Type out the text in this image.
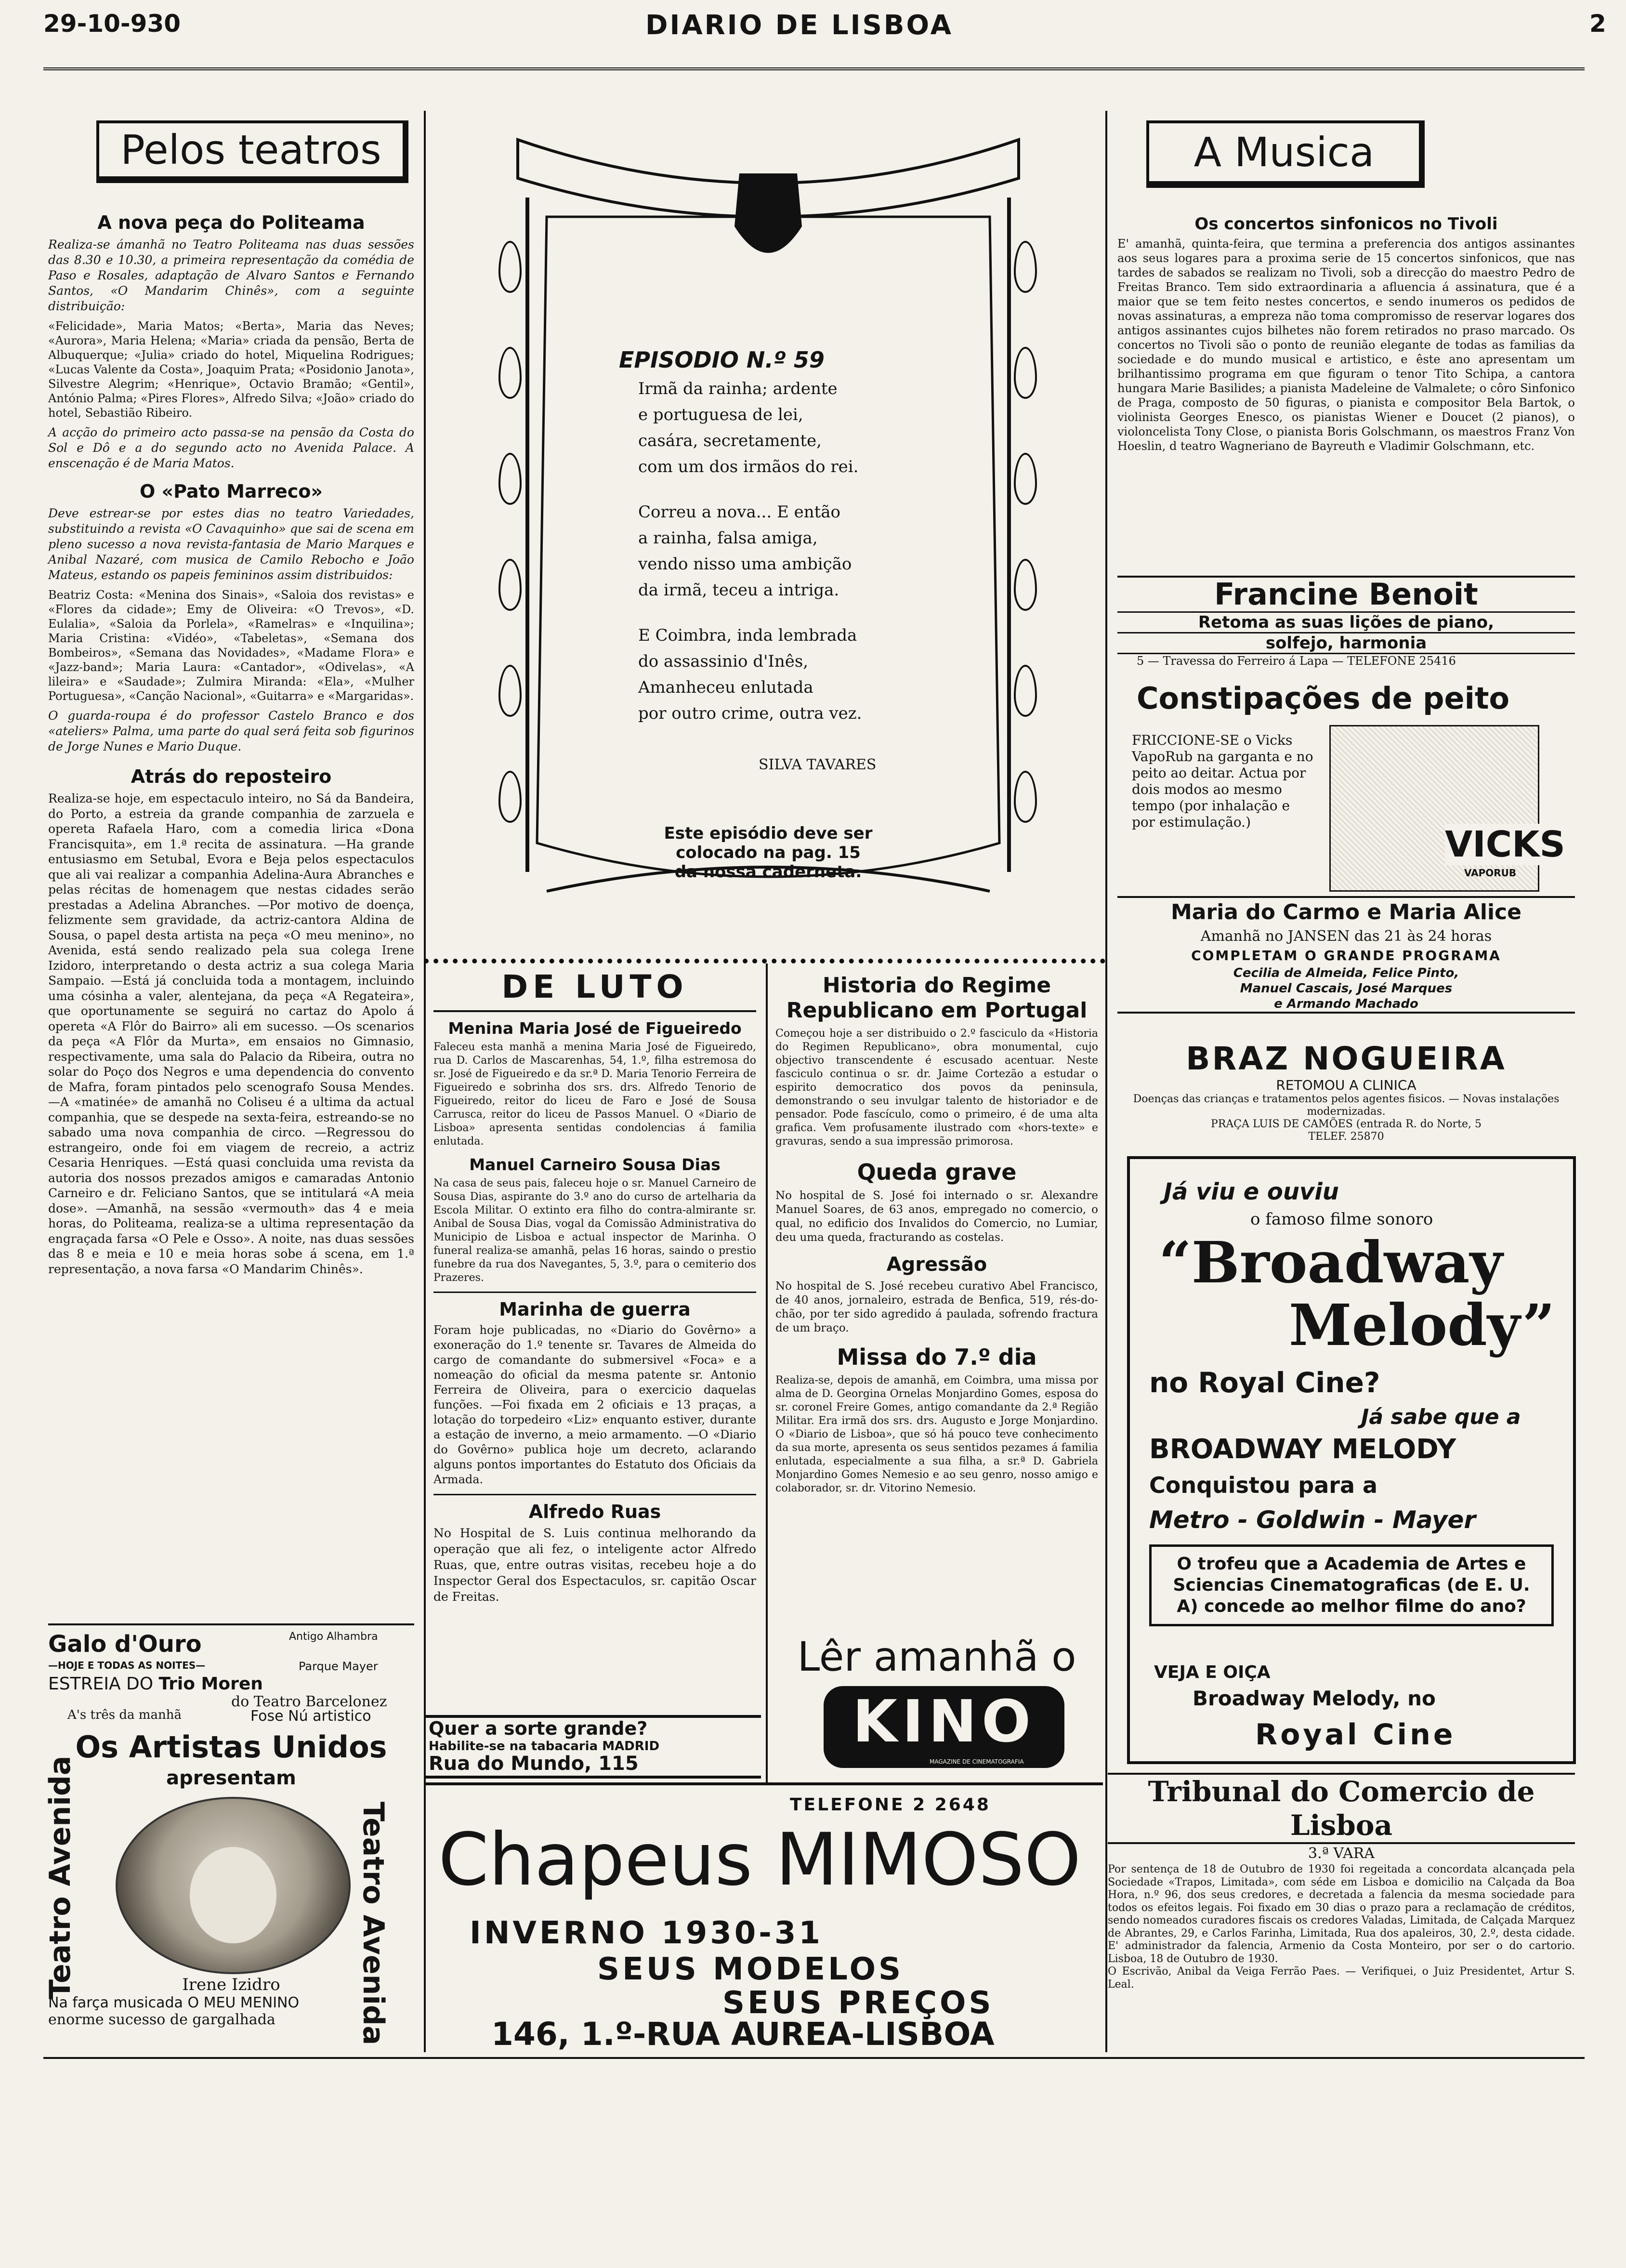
29-10-930	DIARIO DE LISBOA	2
Pelos teatros

A nova peça do Politeama

Realiza-se ámanhã no Teatro Politeama nas duas sessões das 8.30 e 10.30, a primeira representação da comédia de Paso e Rosales, adaptação de Alvaro Santos e Fernando Santos, «O Mandarim Chinês», com a seguinte distribuição:

«Felicidade», Maria Matos; «Berta», Maria das Neves; «Aurora», Maria Helena; «Maria» criada da pensão, Berta de Albuquerque; «Julia» criado do hotel, Miquelina Rodrigues; «Lucas Valente da Costa», Joaquim Prata; «Posidonio Janota», Silvestre Alegrim; «Henrique», Octavio Bramão; «Gentil», António Palma; «Pires Flores», Alfredo Silva; «João» criado do hotel, Sebastião Ribeiro.

A acção do primeiro acto passa-se na pensão da Costa do Sol e Dô e a do segundo acto no Avenida Palace. A enscenação é de Maria Matos.

O «Pato Marreco»

Deve estrear-se por estes dias no teatro Variedades, substituindo a revista «O Cavaquinho» que sai de scena em pleno sucesso a nova revista-fantasia de Mario Marques e Anibal Nazaré, com musica de Camilo Rebocho e João Mateus, estando os papeis femininos assim distribuidos:

Beatriz Costa: «Menina dos Sinais», «Saloia dos revistas» e «Flores da cidade»; Emy de Oliveira: «O Trevos», «D. Eulalia», «Saloia da Porlela», «Ramelras» e «Inquilina»; Maria Cristina: «Vidéo», «Tabeletas», «Semana dos Bombeiros», «Semana das Novidades», «Madame Flora» e «Jazz-band»; Maria Laura: «Cantador», «Odivelas», «A lileira» e «Saudade»; Zulmira Miranda: «Ela», «Mulher Portuguesa», «Canção Nacional», «Guitarra» e «Margaridas».

O guarda-roupa é do professor Castelo Branco e dos «ateliers» Palma, uma parte do qual será feita sob figurinos de Jorge Nunes e Mario Duque.

Atrás do reposteiro

Realiza-se hoje, em espectaculo inteiro, no Sá da Bandeira, do Porto, a estreia da grande companhia de zarzuela e opereta Rafaela Haro, com a comedia lirica «Dona Francisquita», em 1.ª recita de assinatura. —Ha grande entusiasmo em Setubal, Evora e Beja pelos espectaculos que ali vai realizar a companhia Adelina-Aura Abranches e pelas récitas de homenagem que nestas cidades serão prestadas a Adelina Abranches. —Por motivo de doença, felizmente sem gravidade, da actriz-cantora Aldina de Sousa, o papel desta artista na peça «O meu menino», no Avenida, está sendo realizado pela sua colega Irene Izidoro, interpretando o desta actriz a sua colega Maria Sampaio. —Está já concluida toda a montagem, incluindo uma cósinha a valer, alentejana, da peça «A Regateira», que oportunamente se seguirá no cartaz do Apolo á opereta «A Flôr do Bairro» ali em sucesso. —Os scenarios da peça «A Flôr da Murta», em ensaios no Gimnasio, respectivamente, uma sala do Palacio da Ribeira, outra no solar do Poço dos Negros e uma dependencia do convento de Mafra, foram pintados pelo scenografo Sousa Mendes. —A «matinée» de amanhã no Coliseu é a ultima da actual companhia, que se despede na sexta-feira, estreando-se no sabado uma nova companhia de circo. —Regressou do estrangeiro, onde foi em viagem de recreio, a actriz Cesaria Henriques. —Está quasi concluida uma revista da autoria dos nossos prezados amigos e camaradas Antonio Carneiro e dr. Feliciano Santos, que se intitulará «A meia dose». —Amanhã, na sessão «vermouth» das 4 e meia horas, do Politeama, realiza-se a ultima representação da engraçada farsa «O Pele e Osso». A noite, nas duas sessões das 8 e meia e 10 e meia horas sobe á scena, em 1.ª representação, a nova farsa «O Mandarim Chinês».

Galo d'Ouro	Antigo Alhambra
—HOJE E TODAS AS NOITES—	Parque Mayer
ESTREIA DO Trio Moren
do Teatro Barcelonez
A's três da manhã	Fose Nú artistico
Os Artistas Unidos
apresentam
Teatro Avenida	Teatro Avenida
Irene Izidro
Na farça musicada O MEU MENINO
enorme sucesso de gargalhada
EPISODIO N.º 59
Irmã da rainha; ardente
e portuguesa de lei,
casára, secretamente,
com um dos irmãos do rei.
Correu a nova... E então
a rainha, falsa amiga,
vendo nisso uma ambição
da irmã, teceu a intriga.
E Coimbra, inda lembrada
do assassinio d'Inês,
Amanheceu enlutada
por outro crime, outra vez.
SILVA TAVARES
Este episódio deve ser
colocado na pag. 15
da nossa caderneta.
DE LUTO

Menina Maria José de Figueiredo

Faleceu esta manhã a menina Maria José de Figueiredo, rua D. Carlos de Mascarenhas, 54, 1.º, filha estremosa do sr. José de Figueiredo e da sr.ª D. Maria Tenorio Ferreira de Figueiredo e sobrinha dos srs. drs. Alfredo Tenorio de Figueiredo, reitor do liceu de Faro e José de Sousa Carrusca, reitor do liceu de Passos Manuel. O «Diario de Lisboa» apresenta sentidas condolencias á familia enlutada.

Manuel Carneiro Sousa Dias

Na casa de seus pais, faleceu hoje o sr. Manuel Carneiro de Sousa Dias, aspirante do 3.º ano do curso de artelharia da Escola Militar. O extinto era filho do contra-almirante sr. Anibal de Sousa Dias, vogal da Comissão Administrativa do Municipio de Lisboa e actual inspector de Marinha. O funeral realiza-se amanhã, pelas 16 horas, saindo o prestio funebre da rua dos Navegantes, 5, 3.º, para o cemiterio dos Prazeres.

Marinha de guerra

Foram hoje publicadas, no «Diario do Govêrno» a exoneração do 1.º tenente sr. Tavares de Almeida do cargo de comandante do submersivel «Foca» e a nomeação do oficial da mesma patente sr. Antonio Ferreira de Oliveira, para o exercicio daquelas funções. —Foi fixada em 2 oficiais e 13 praças, a lotação do torpedeiro «Liz» enquanto estiver, durante a estação de inverno, a meio armamento. —O «Diario do Govêrno» publica hoje um decreto, aclarando alguns pontos importantes do Estatuto dos Oficiais da Armada.

Alfredo Ruas

No Hospital de S. Luis continua melhorando da operação que ali fez, o inteligente actor Alfredo Ruas, que, entre outras visitas, recebeu hoje a do Inspector Geral dos Espectaculos, sr. capitão Oscar de Freitas.

Quer a sorte grande?
Habilite-se na tabacaria MADRID
Rua do Mundo, 115

Historia do Regime Republicano em Portugal

Começou hoje a ser distribuido o 2.º fasciculo da «Historia do Regimen Republicano», obra monumental, cujo objectivo transcendente é escusado acentuar. Neste fasciculo continua o sr. dr. Jaime Cortezão a estudar o espirito democratico dos povos da peninsula, demonstrando o seu invulgar talento de historiador e de pensador. Pode fascículo, como o primeiro, é de uma alta grafica. Vem profusamente ilustrado com «hors-texte» e gravuras, sendo a sua impressão primorosa.

Queda grave

No hospital de S. José foi internado o sr. Alexandre Manuel Soares, de 63 anos, empregado no comercio, o qual, no edificio dos Invalidos do Comercio, no Lumiar, deu uma queda, fracturando as costelas.

Agressão

No hospital de S. José recebeu curativo Abel Francisco, de 40 anos, jornaleiro, estrada de Benfica, 519, rés-do-chão, por ter sido agredido á paulada, sofrendo fractura de um braço.

Missa do 7.º dia

Realiza-se, depois de amanhã, em Coimbra, uma missa por alma de D. Georgina Ornelas Monjardino Gomes, esposa do sr. coronel Freire Gomes, antigo comandante da 2.ª Região Militar. Era irmã dos srs. drs. Augusto e Jorge Monjardino. O «Diario de Lisboa», que só há pouco teve conhecimento da sua morte, apresenta os seus sentidos pezames á familia enlutada, especialmente a sua filha, a sr.ª D. Gabriela Monjardino Gomes Nemesio e ao seu genro, nosso amigo e colaborador, sr. dr. Vitorino Nemesio.

Lêr amanhã o
KINO
MAGAZINE DE CINEMATOGRAFIA
TELEFONE 2 2648
Chapeus MIMOSO
INVERNO 1930-31
SEUS MODELOS
SEUS PREÇOS
146, 1.º-RUA AUREA-LISBOA
A Musica

Os concertos sinfonicos no Tivoli

E' amanhã, quinta-feira, que termina a preferencia dos antigos assinantes aos seus logares para a proxima serie de 15 concertos sinfonicos, que nas tardes de sabados se realizam no Tivoli, sob a direcção do maestro Pedro de Freitas Branco. Tem sido extraordinaria a afluencia á assinatura, que é a maior que se tem feito nestes concertos, e sendo inumeros os pedidos de novas assinaturas, a empreza não toma compromisso de reservar logares dos antigos assinantes cujos bilhetes não forem retirados no praso marcado. Os concertos no Tivoli são o ponto de reunião elegante de todas as familias da sociedade e do mundo musical e artistico, e êste ano apresentam um brilhantissimo programa em que figuram o tenor Tito Schipa, a cantora hungara Marie Basilides; a pianista Madeleine de Valmalete; o côro Sinfonico de Praga, composto de 50 figuras, o pianista e compositor Bela Bartok, o violinista Georges Enesco, os pianistas Wiener e Doucet (2 pianos), o violoncelista Tony Close, o pianista Boris Golschmann, os maestros Franz Von Hoeslin, d teatro Wagneriano de Bayreuth e Vladimir Golschmann, etc.

Francine Benoit
Retoma as suas lições de piano,
solfejo, harmonia
5 — Travessa do Ferreiro á Lapa — TELEFONE 25416
Constipações de peito

FRICCIONE-SE o Vicks VapoRub na garganta e no peito ao deitar. Actua por dois modos ao mesmo tempo (por inhalação e por estimulação.)

VICKS
VAPORUB
Maria do Carmo e Maria Alice
Amanhã no JANSEN das 21 às 24 horas
COMPLETAM O GRANDE PROGRAMA
Cecilia de Almeida, Felice Pinto,
Manuel Cascais, José Marques
e Armando Machado
BRAZ NOGUEIRA
RETOMOU A CLINICA
Doenças das crianças e tratamentos pelos agentes fisicos. — Novas instalações modernizadas.
PRAÇA LUIS DE CAMÕES (entrada R. do Norte, 5
TELEF. 25870
Já viu e ouviu
o famoso filme sonoro
“Broadway
Melody”
no Royal Cine?
Já sabe que a
BROADWAY MELODY
Conquistou para a
Metro - Goldwin - Mayer
O trofeu que a Academia de Artes e Sciencias Cinematograficas (de E. U. A) concede ao melhor filme do ano?
VEJA E OIÇA
Broadway Melody, no
Royal Cine
Tribunal do Comercio de Lisboa
3.ª VARA

Por sentença de 18 de Outubro de 1930 foi regeitada a concordata alcançada pela Sociedade «Trapos, Limitada», com séde em Lisboa e domicilio na Calçada da Boa Hora, n.º 96, dos seus credores, e decretada a falencia da mesma sociedade para todos os efeitos legais. Foi fixado em 30 dias o prazo para a reclamação de créditos, sendo nomeados curadores fiscais os credores Valadas, Limitada, de Calçada Marquez de Abrantes, 29, e Carlos Farinha, Limitada, Rua dos apaleiros, 30, 2.º, desta cidade. E' administrador da falencia, Armenio da Costa Monteiro, por ser o do cartorio. Lisboa, 18 de Outubro de 1930.

O Escrivão, Anibal da Veiga Ferrão Paes. — Verifiquei, o Juiz Presidentet, Artur S. Leal.
